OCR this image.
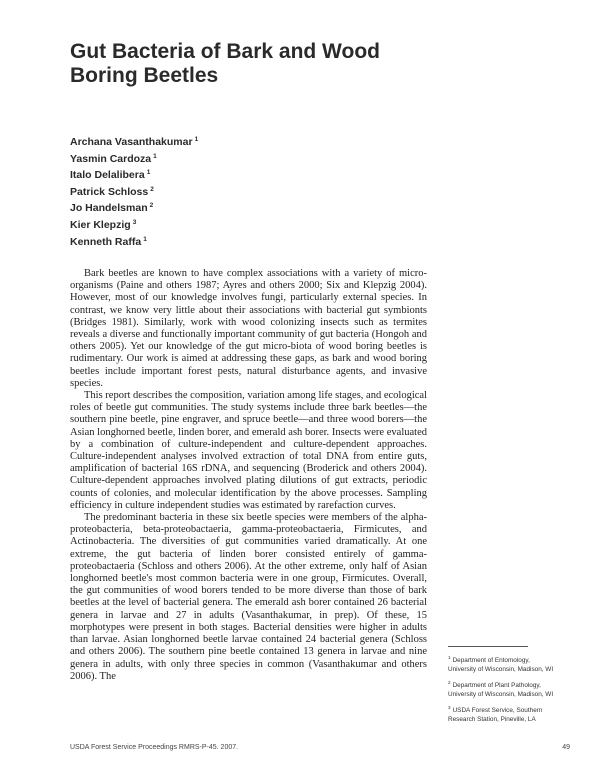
Gut Bacteria of Bark and Wood
Boring Beetles
Archana Vasanthakumar $^1$
Yasmin Cardoza $^1$
Italo Delalibera $^1$
Patrick Schloss $^2$
Jo Handelsman $^2$
Kier Klepzig $^3$
Kenneth Raffa $^1$

Bark beetles are known to have complex associations with a variety of micro-organisms (Paine and others 1987; Ayres and others 2000; Six and Klepzig 2004). However, most of our knowledge involves fungi, particularly external species. In contrast, we know very little about their associations with bacterial gut symbionts (Bridges 1981). Similarly, work with wood colonizing insects such as termites reveals a diverse and functionally important community of gut bacteria (Hongoh and others 2005). Yet our knowledge of the gut micro-biota of wood boring beetles is rudimentary. Our work is aimed at addressing these gaps, as bark and wood boring beetles include important forest pests, natural disturbance agents, and invasive species.

This report describes the composition, variation among life stages, and ecological roles of beetle gut communities. The study systems include three bark beetles—the southern pine beetle, pine engraver, and spruce beetle—and three wood borers—the Asian longhorned beetle, linden borer, and emerald ash borer. Insects were evaluated by a combination of culture-independent and culture-dependent approaches. Culture-independent analyses involved extraction of total DNA from entire guts, amplification of bacterial 16S rDNA, and sequencing (Broderick and others 2004). Culture-dependent approaches involved plating dilutions of gut extracts, periodic counts of colonies, and molecular identification by the above processes. Sampling efficiency in culture independent studies was estimated by rarefaction curves.

The predominant bacteria in these six beetle species were members of the alpha-proteobacteria, beta-proteobactaeria, gamma-proteobactaeria, Firmicutes, and Actinobacteria. The diversities of gut communities varied dramatically. At one extreme, the gut bacteria of linden borer consisted entirely of gamma-proteobactaeria (Schloss and others 2006). At the other extreme, only half of Asian longhorned beetle's most common bacteria were in one group, Firmicutes. Overall, the gut communities of wood borers tended to be more diverse than those of bark beetles at the level of bacterial genera. The emerald ash borer contained 26 bacterial genera in larvae and 27 in adults (Vasanthakumar, in prep). Of these, 15 morphotypes were present in both stages. Bacterial densities were higher in adults than larvae. Asian longhorned beetle larvae contained 24 bacterial genera (Schloss and others 2006). The southern pine beetle contained 13 genera in larvae and nine genera in adults, with only three species in common (Vasanthakumar and others 2006). The

$^1$ Department of Entomology,
University of Wisconsin, Madison, WI
$^2$ Department of Plant Pathology,
University of Wisconsin, Madison, WI
$^3$ USDA Forest Service, Southern
Research Station, Pineville, LA
USDA Forest Service Proceedings RMRS-P-45. 2007.	49
